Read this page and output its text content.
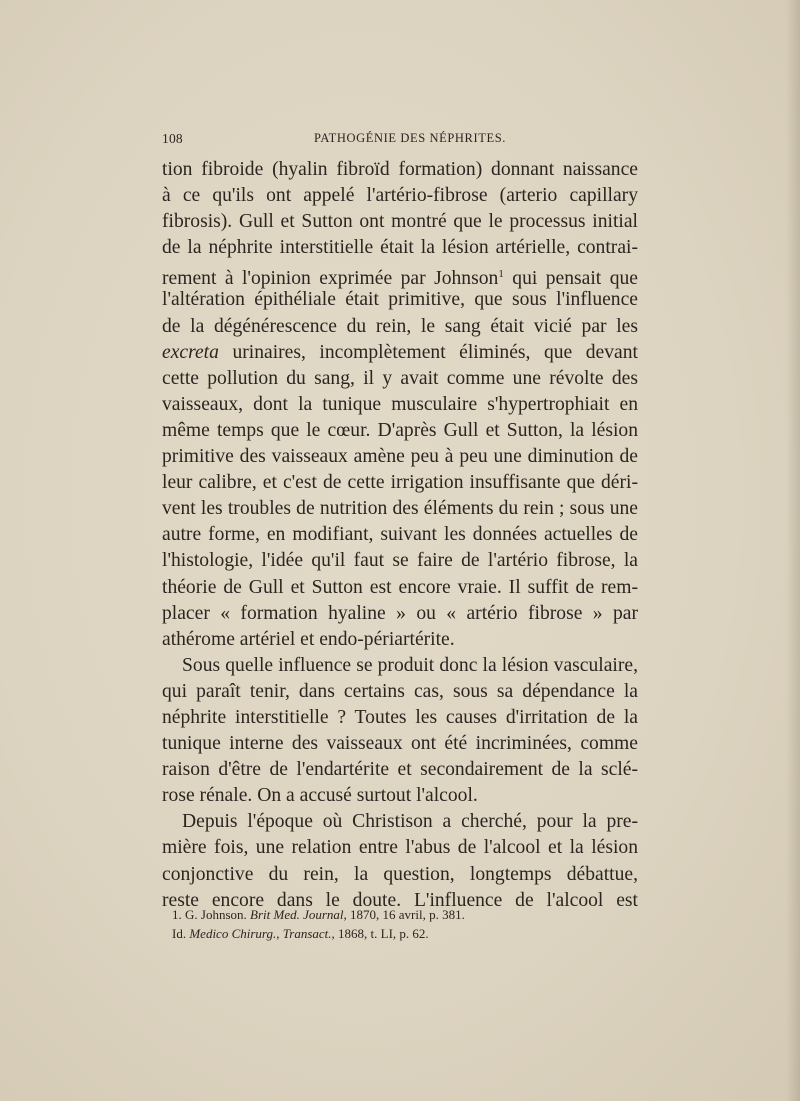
108	PATHOGÉNIE DES NÉPHRITES.
tion fibroide (hyalin fibroïd formation) donnant naissance
à ce qu'ils ont appelé l'artério-fibrose (arterio capillary
fibrosis). Gull et Sutton ont montré que le processus initial
de la néphrite interstitielle était la lésion artérielle, contrai-
rement à l'opinion exprimée par Johnson$^1$ qui pensait que
l'altération épithéliale était primitive, que sous l'influence
de la dégénérescence du rein, le sang était vicié par les
excreta urinaires, incomplètement éliminés, que devant
cette pollution du sang, il y avait comme une révolte des
vaisseaux, dont la tunique musculaire s'hypertrophiait en
même temps que le cœur. D'après Gull et Sutton, la lésion
primitive des vaisseaux amène peu à peu une diminution de
leur calibre, et c'est de cette irrigation insuffisante que déri-
vent les troubles de nutrition des éléments du rein ; sous une
autre forme, en modifiant, suivant les données actuelles de
l'histologie, l'idée qu'il faut se faire de l'artério fibrose, la
théorie de Gull et Sutton est encore vraie. Il suffit de rem-
placer « formation hyaline » ou « artério fibrose » par
athérome artériel et endo-périartérite.
Sous quelle influence se produit donc la lésion vasculaire,
qui paraît tenir, dans certains cas, sous sa dépendance la
néphrite interstitielle ? Toutes les causes d'irritation de la
tunique interne des vaisseaux ont été incriminées, comme
raison d'être de l'endartérite et secondairement de la sclé-
rose rénale. On a accusé surtout l'alcool.
Depuis l'époque où Christison a cherché, pour la pre-
mière fois, une relation entre l'abus de l'alcool et la lésion
conjonctive du rein, la question, longtemps débattue,
reste encore dans le doute. L'influence de l'alcool est
1. G. Johnson. Brit Med. Journal, 1870, 16 avril, p. 381.
Id. Medico Chirurg., Transact., 1868, t. LI, p. 62.
